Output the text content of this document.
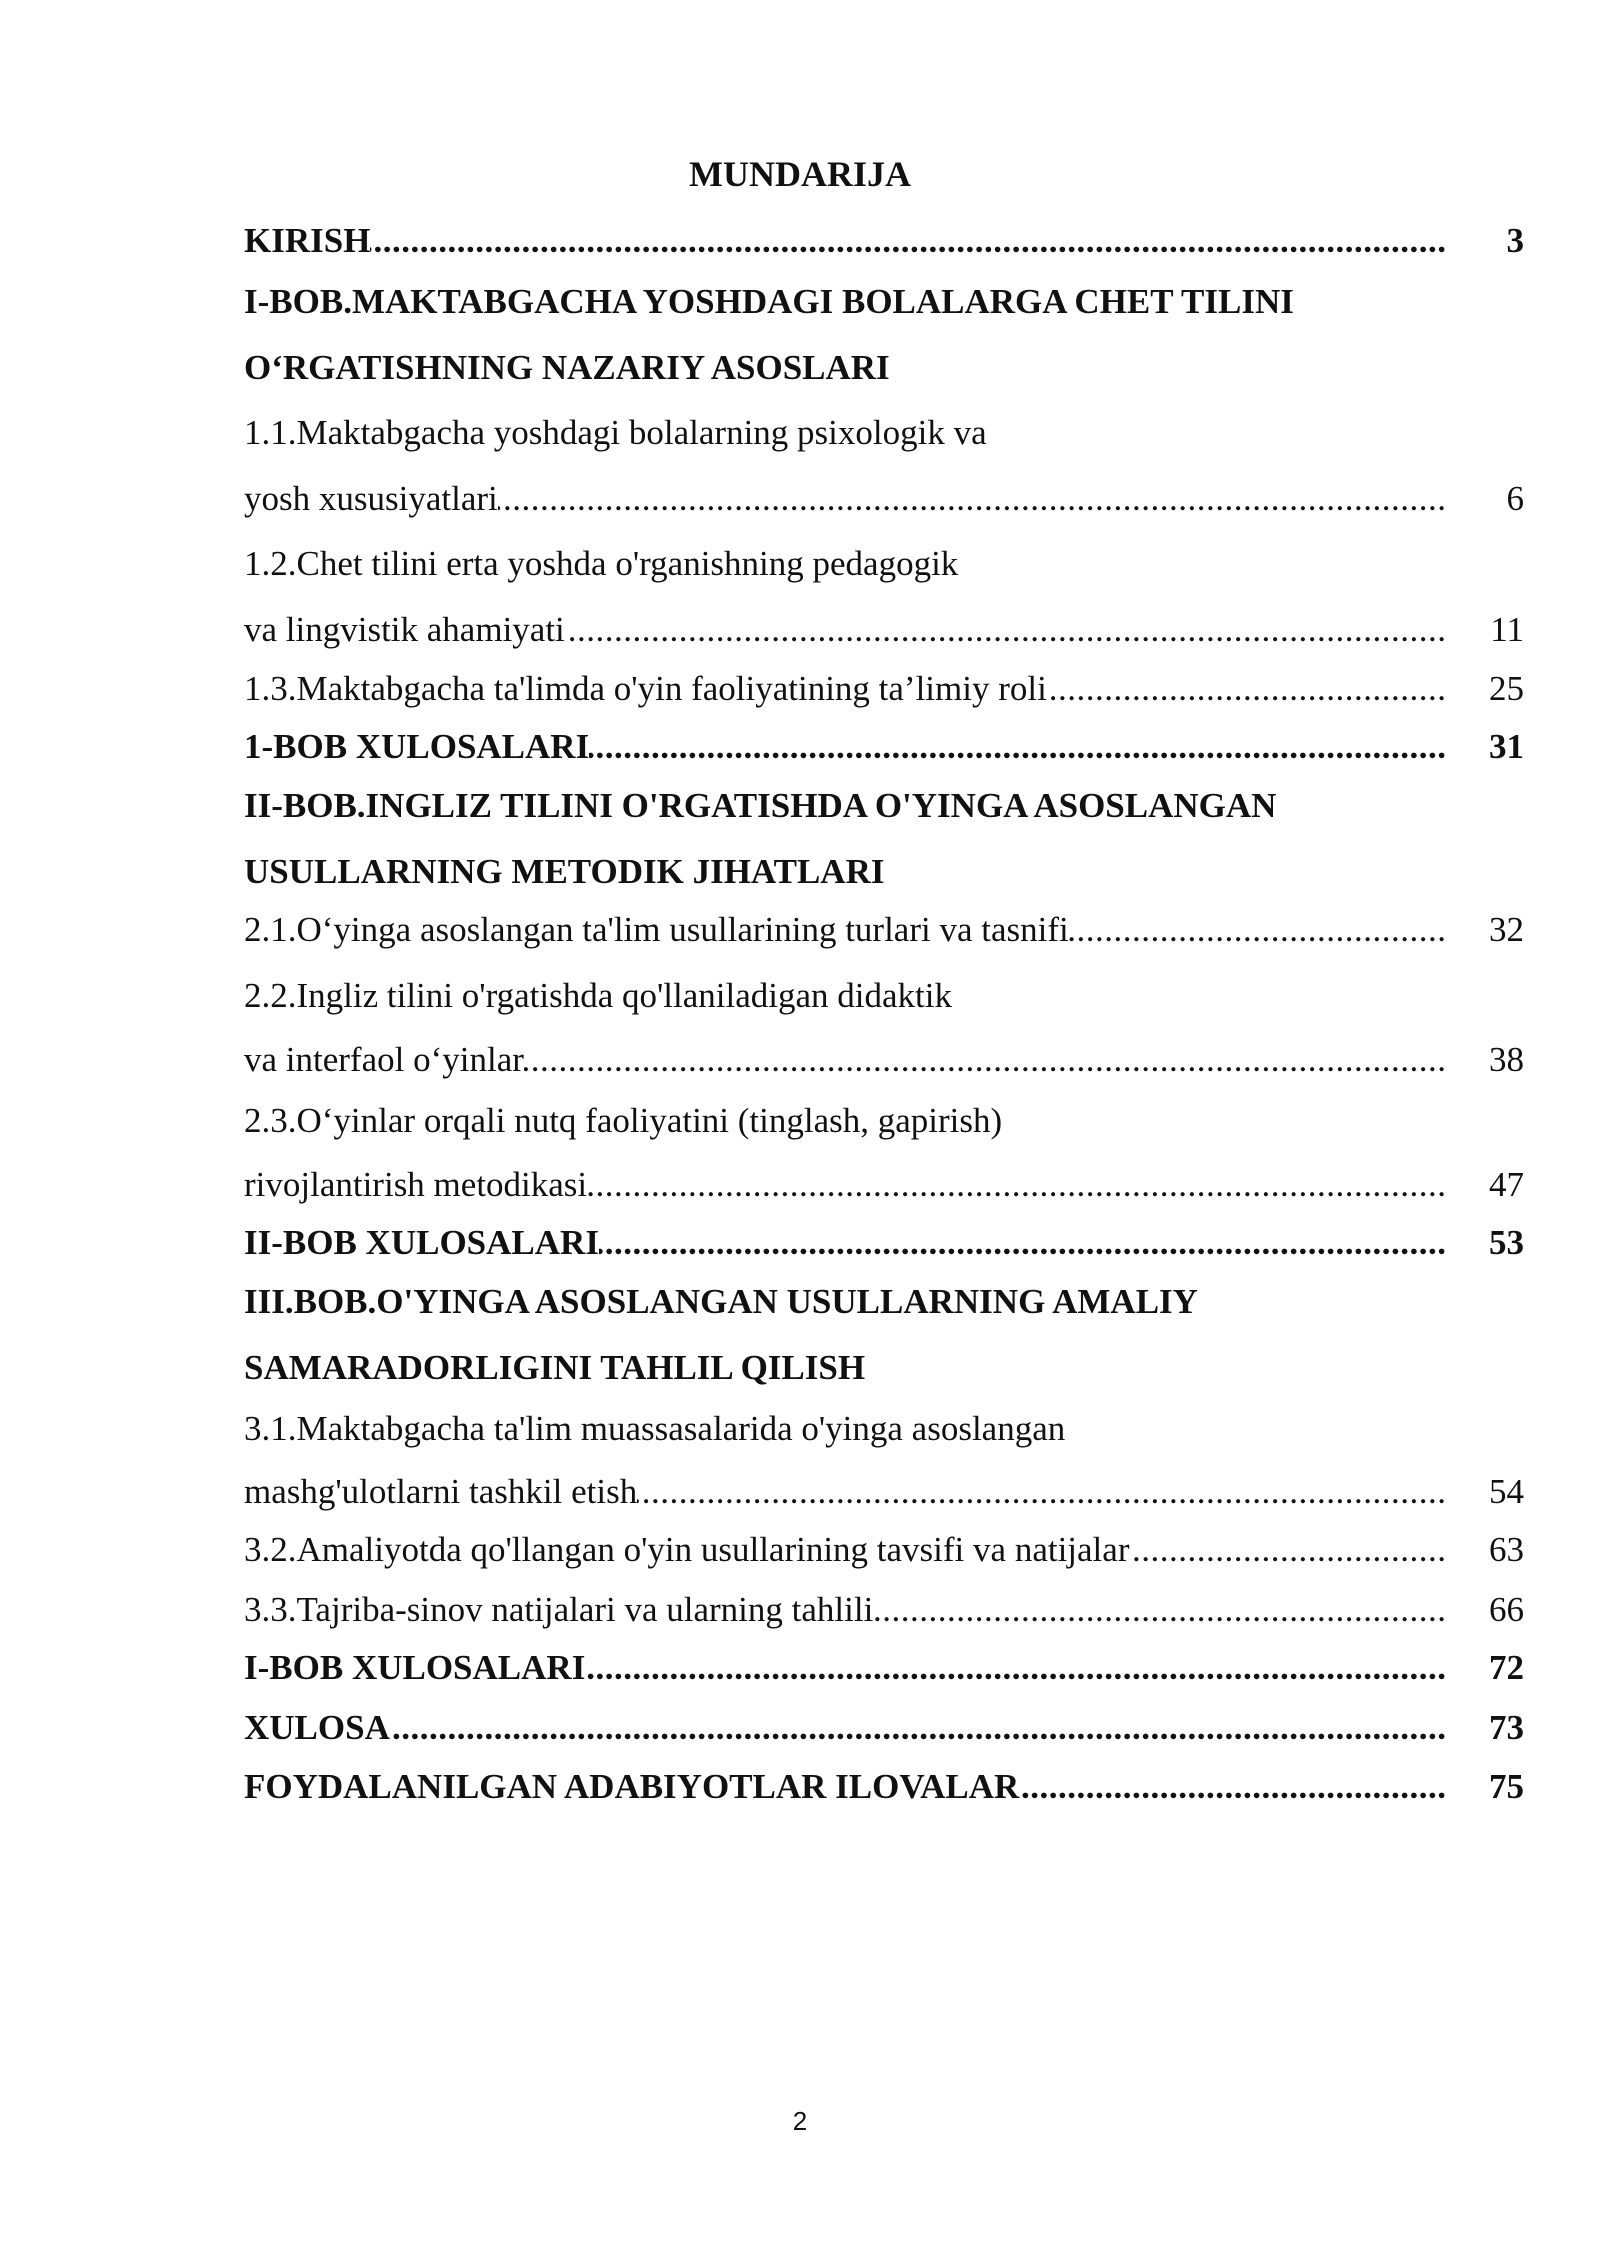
MUNDARIJA
KIRISH .....	3
I-BOB.MAKTABGACHA YOSHDAGI BOLALARGA CHET TILINI
O‘RGATISHNING NAZARIY ASOSLARI
1.1.Maktabgacha yoshdagi bolalarning psixologik va
yosh xususiyatlari .....	6
1.2.Chet tilini erta yoshda o'rganishning pedagogik
va lingvistik ahamiyati .....	11
1.3.Maktabgacha ta'limda o'yin faoliyatining ta’limiy roli .....	25
1-BOB XULOSALARI .....	31
II-BOB.INGLIZ TILINI O'RGATISHDA O'YINGA ASOSLANGAN
USULLARNING METODIK JIHATLARI
2.1.O‘yinga asoslangan ta'lim usullarining turlari va tasnifi .....	32
2.2.Ingliz tilini o'rgatishda qo'llaniladigan didaktik
va interfaol o‘yinlar .....	38
2.3.O‘yinlar orqali nutq faoliyatini (tinglash, gapirish)
rivojlantirish metodikasi .....	47
II-BOB XULOSALARI .....	53
III.BOB.O'YINGA ASOSLANGAN USULLARNING AMALIY
SAMARADORLIGINI TAHLIL QILISH
3.1.Maktabgacha ta'lim muassasalarida o'yinga asoslangan
mashg'ulotlarni tashkil etish .....	54
3.2.Amaliyotda qo'llangan o'yin usullarining tavsifi va natijalar .....	63
3.3.Tajriba-sinov natijalari va ularning tahlili .....	66
I-BOB XULOSALARI .....	72
XULOSA .....	73
FOYDALANILGAN ADABIYOTLAR ILOVALAR .....	75
2
